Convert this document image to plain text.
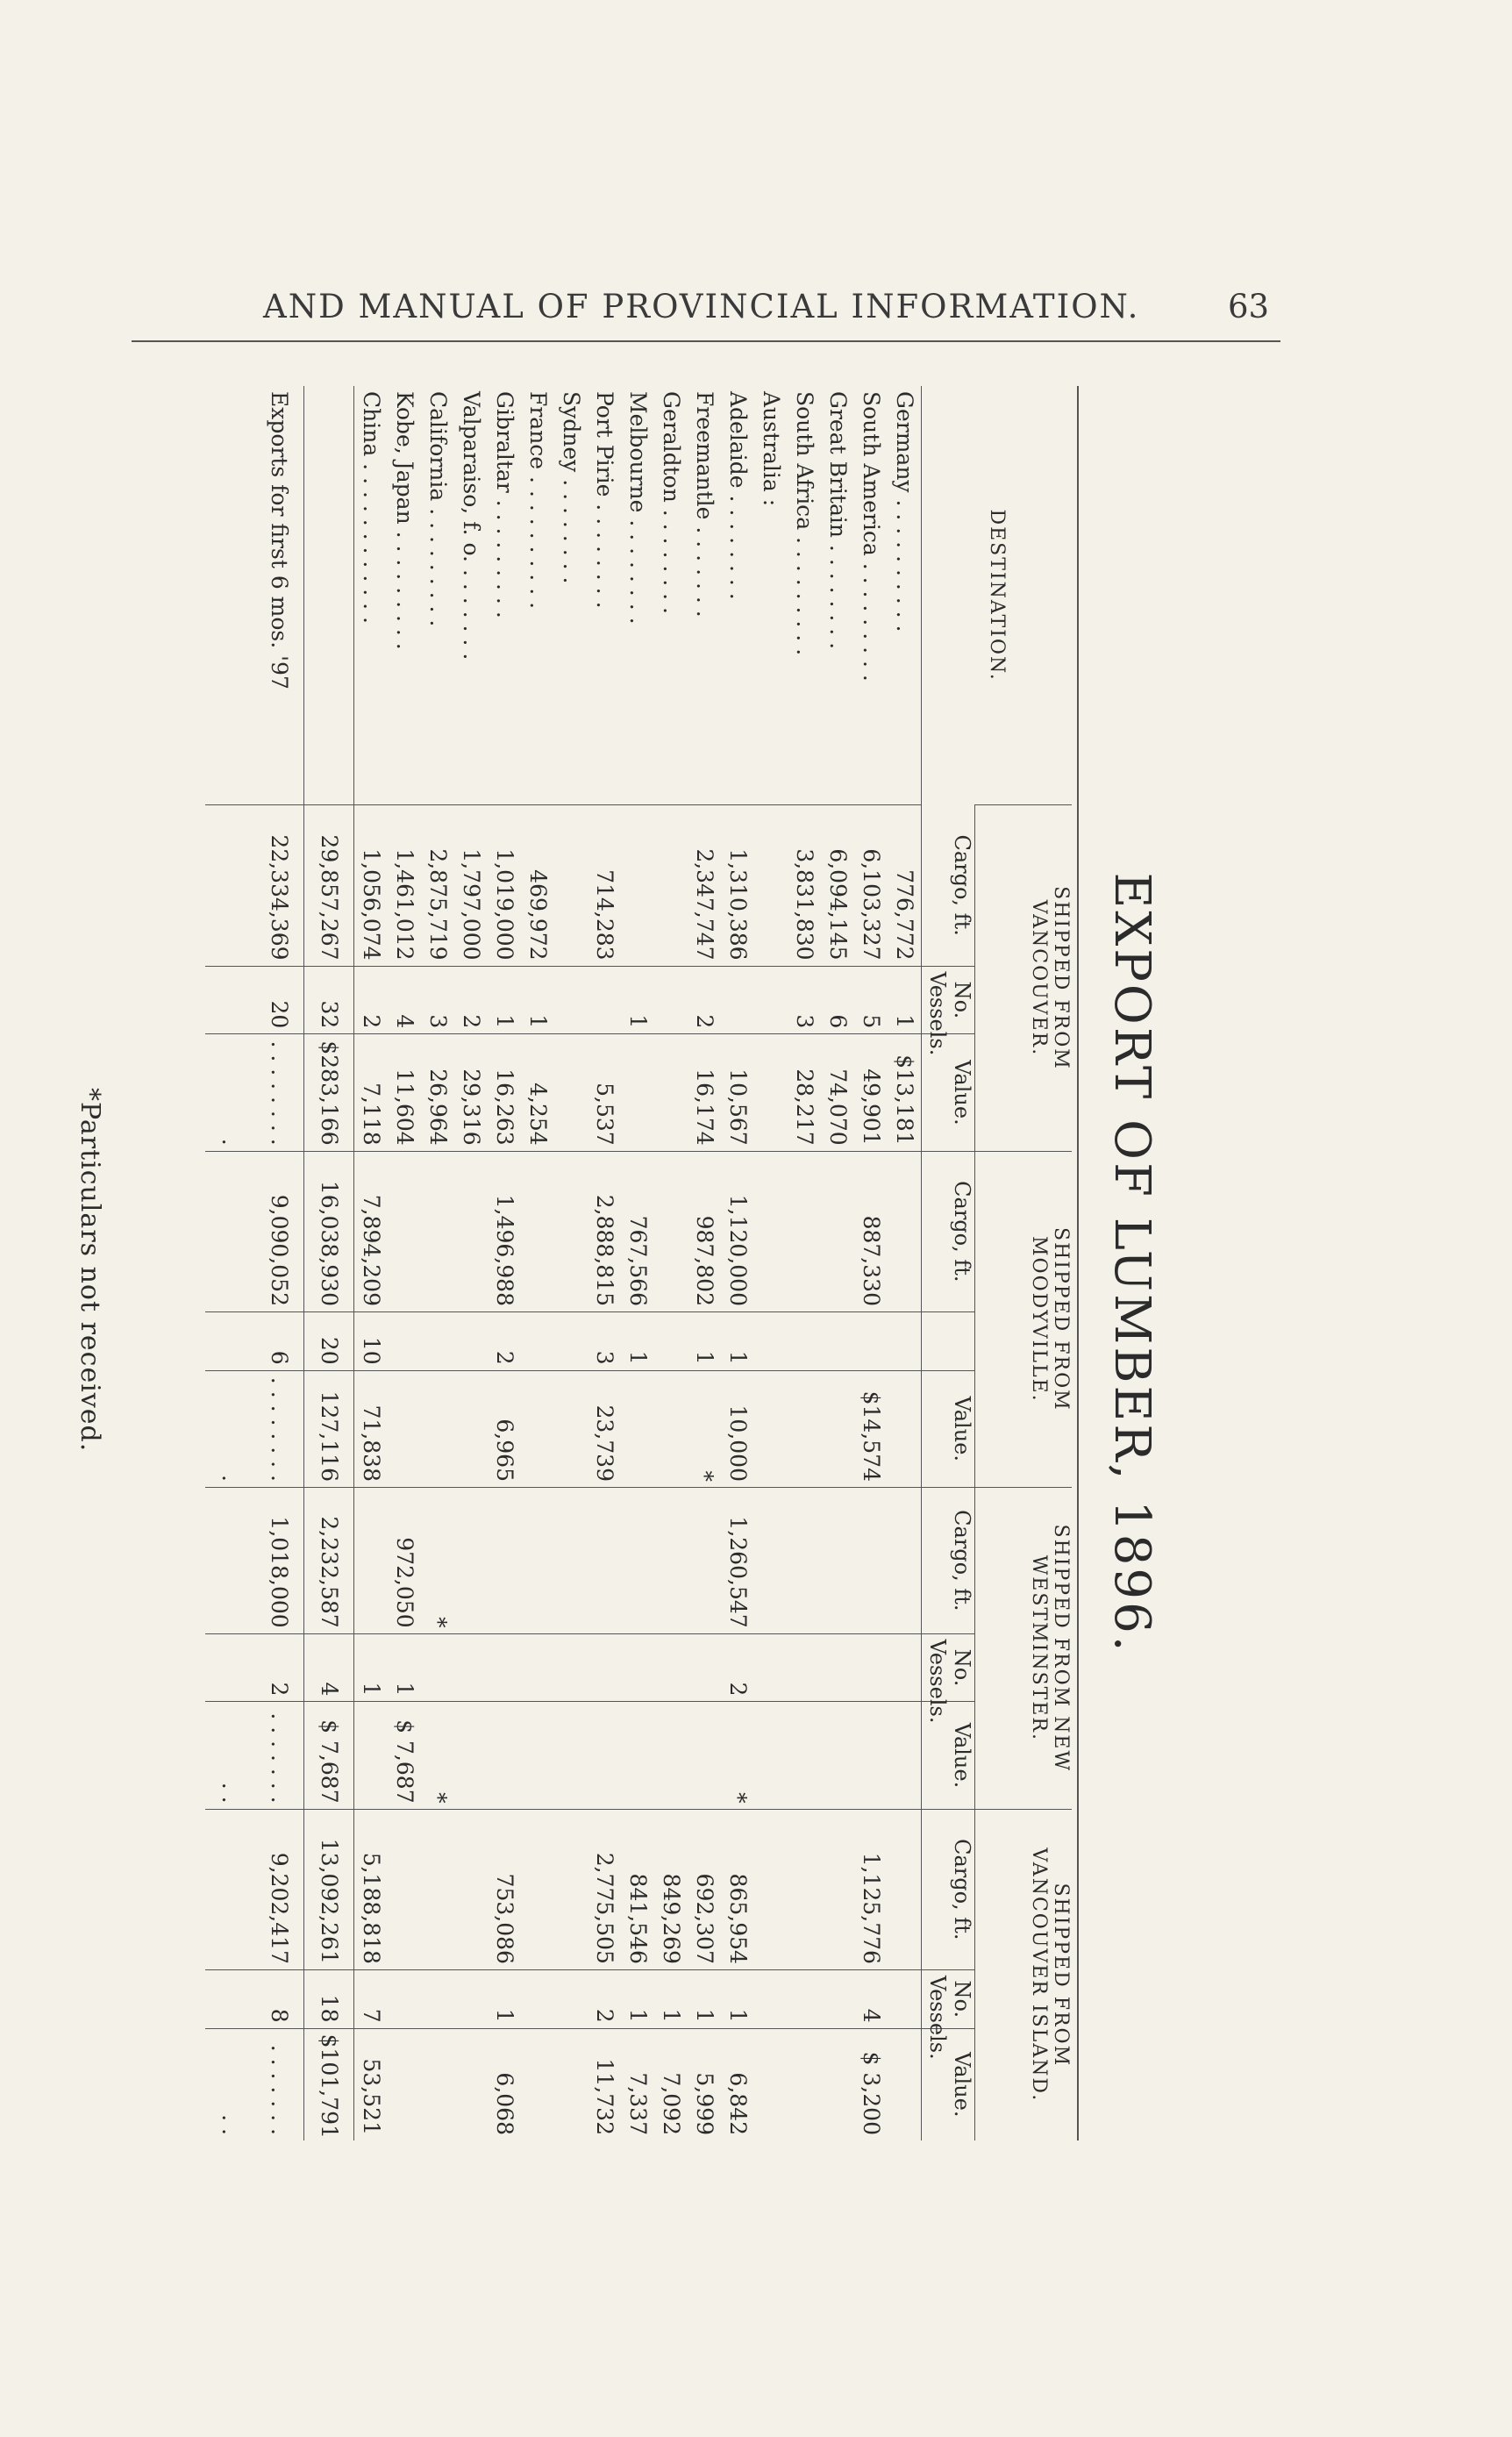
AND MANUAL OF PROVINCIAL INFORMATION.	63
*Particulars not received.	EXPORT OF LUMBER, 1896.
DESTINATION.	SHIPPED FROM VANCOUVER.			SHIPPED FROM MOODYVILLE.			SHIPPED FROM NEW WESTMINSTER.			SHIPPED FROM VANCOUVER ISLAND.		
	Cargo, ft.	No. Vessels.	Value.	Cargo, ft.		Value.	Cargo, ft.	No. Vessels.	Value.	Cargo, ft.	No. Vessels.	Value.
Germany . . . . . . . . . .	776,772	1	$13,181									
South America . . . . . . . . .	6,103,327	5	49,901	887,330		$14,574				1,125,776	4	$ 3,200
Great Britain . . . . . . . .	6,094,145	6	74,070									
South Africa . . . . . . . . .	3,831,830	3	28,217									
Australia :												
Adelaide . . . . . . . .	1,310,386		10,567	1,120,000	1	10,000	1,260,547	2	*	865,954	1	6,842
Freemantle . . . . . . .	2,347,747	2	16,174	987,802	1	*				692,307	1	5,999
Geraldton . . . . . . . .										849,269	1	7,092
Melbourne . . . . . . . .		1		767,566	1					841,546	1	7,337
Port Pirie . . . . . . . .	714,283		5,537	2,888,815	3	23,739				2,775,505	2	11,732
Sydney . . . . . . . .												
France . . . . . . . . . .	469,972	1	4,254									
Gibraltar . . . . . . . . .	1,019,000	1	16,263	1,496,988	2	6,965				753,086	1	6,068
Valparaiso, f. o. . . . . . . .	1,797,000	2	29,316									
California . . . . . . . . .	2,875,719	3	26,964				*		*			
Kobe, Japan . . . . . . . . .	1,461,012	4	11,604				972,050	1	$ 7,687			
China . . . . . . . . . . . .	1,056,074	2	7,118	7,894,209	10	71,838		1		5,188,818	7	53,521
	29,857,267	32	$283,166	16,038,930	20	127,116	2,232,587	4	$ 7,687	13,092,261	18	$101,791
Exports for first 6 mos. '97	22,334,369	20	. . . . . . . . .	9,090,052	6	. . . . . . . . .	1,018,000	2	. . . . . . . . .	9,202,417	8	. . . . . . . . .
